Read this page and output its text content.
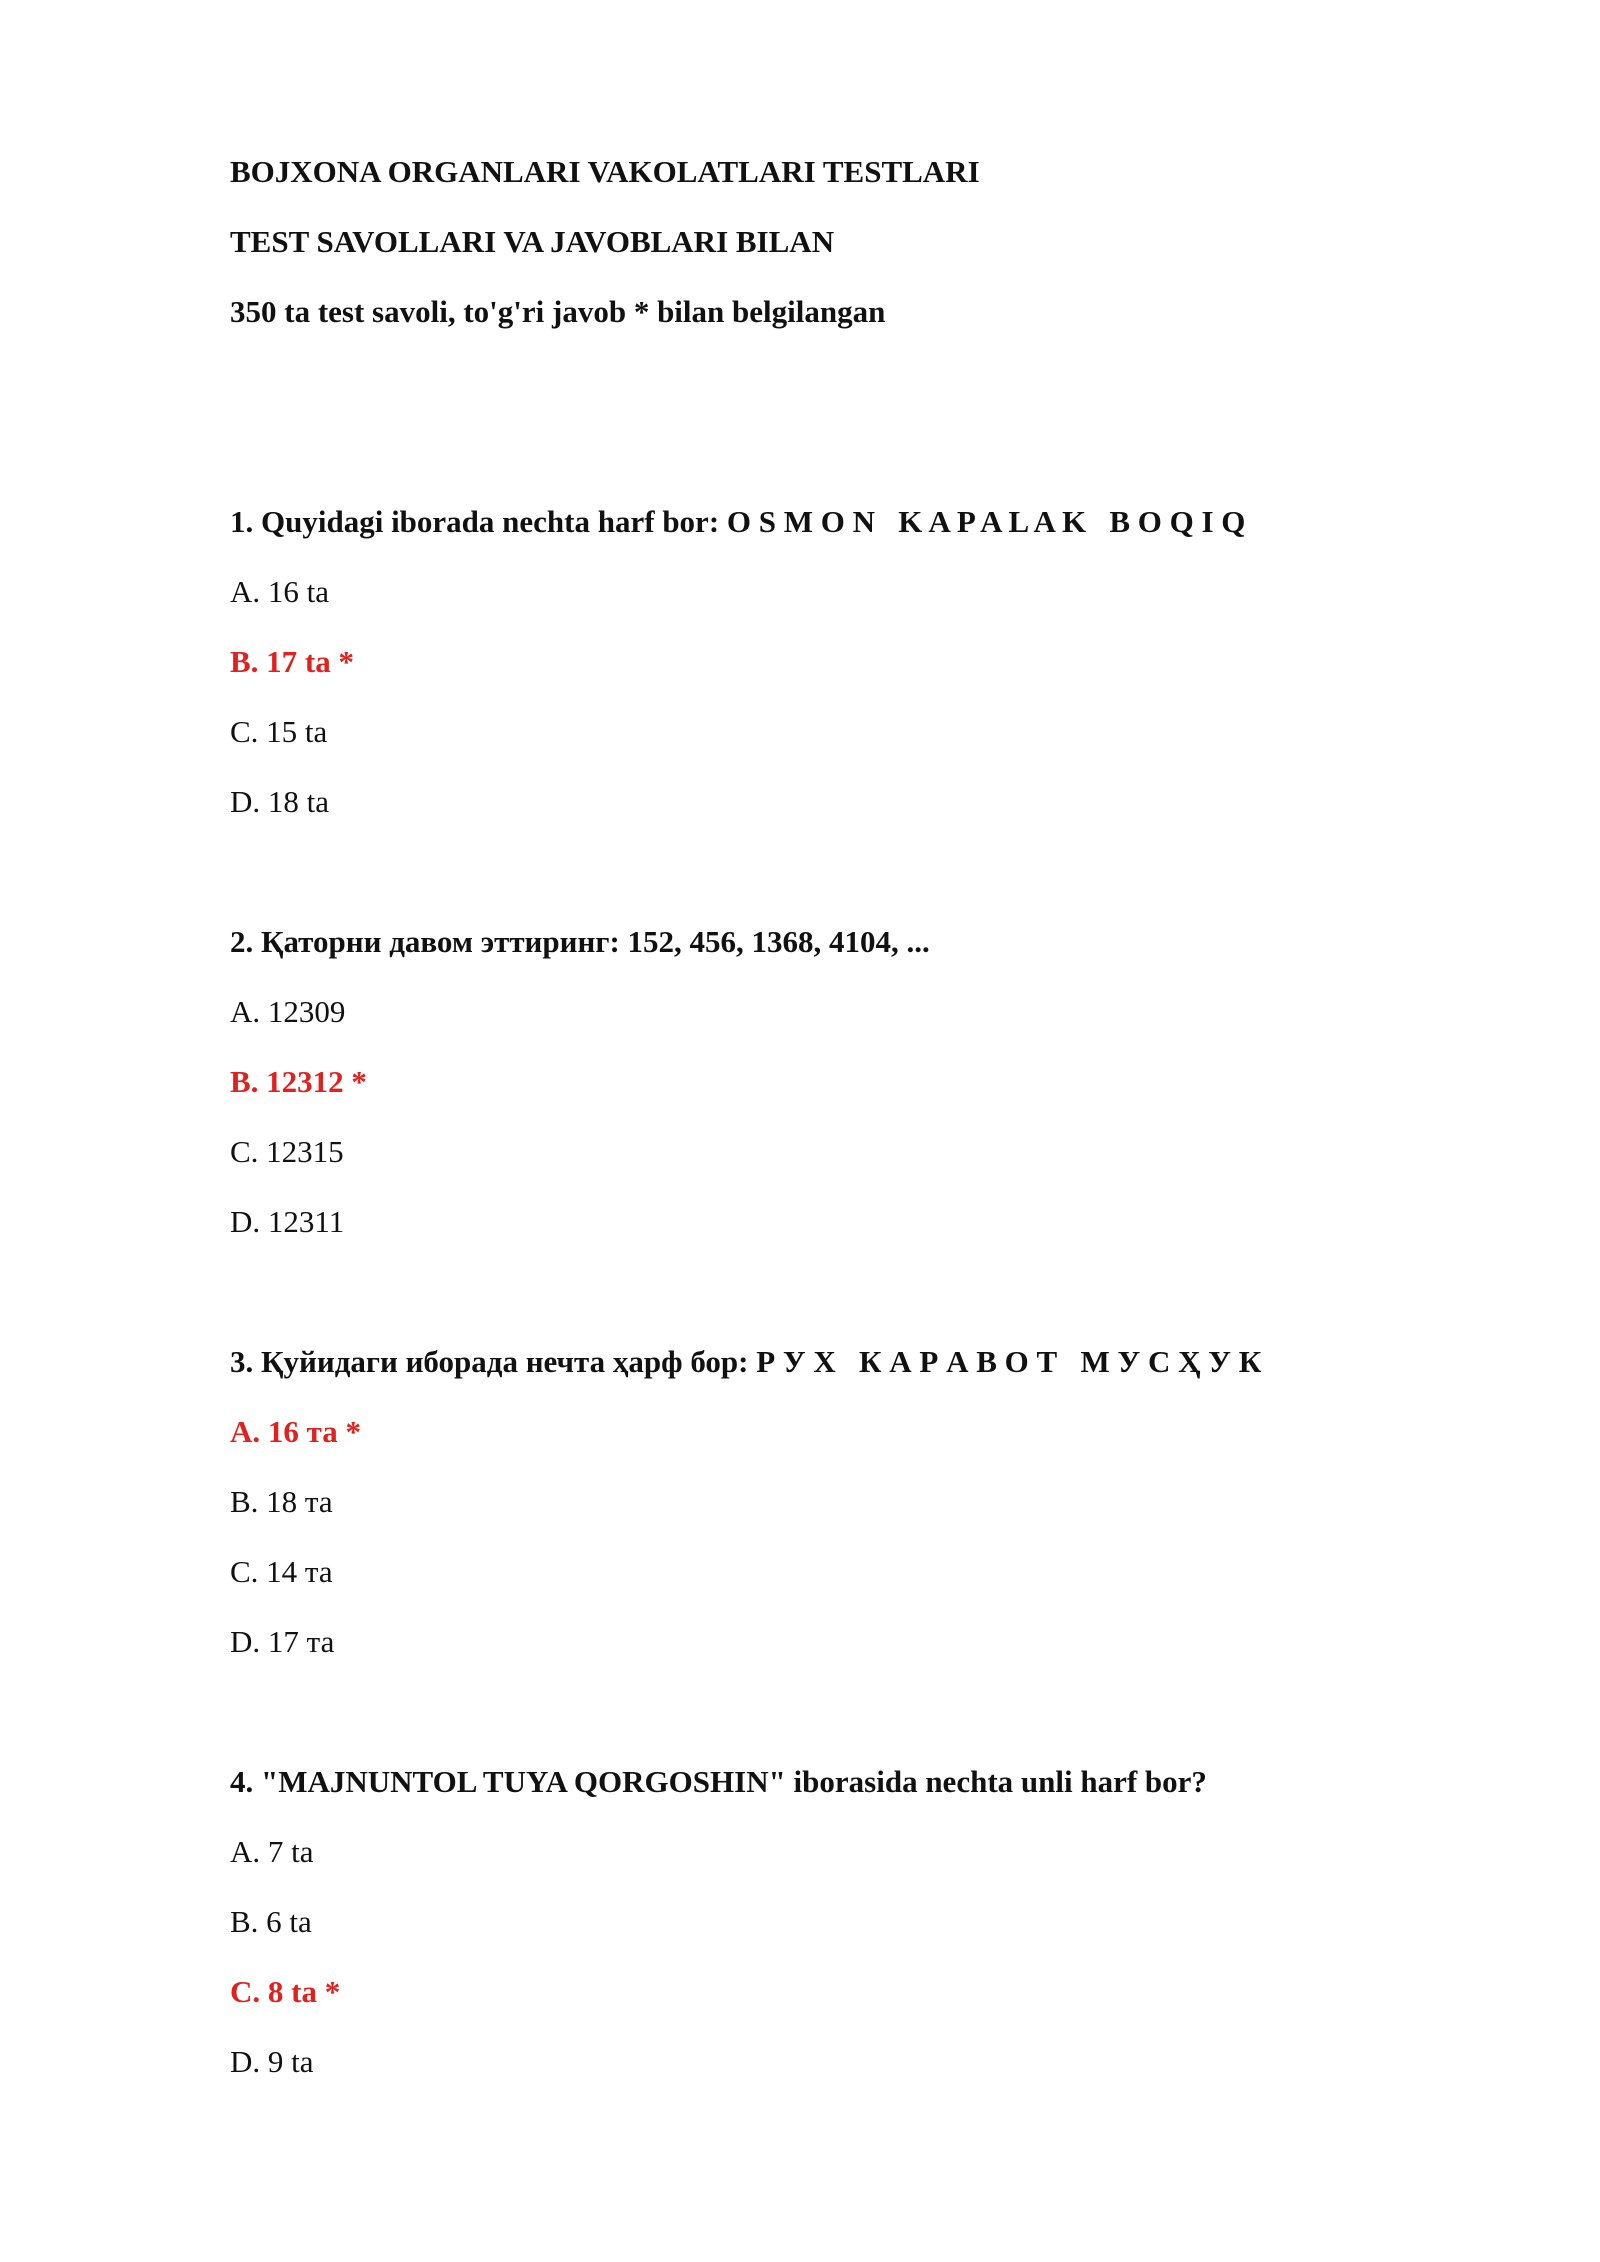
BOJXONA ORGANLARI VAKOLATLARI TESTLARI
TEST SAVOLLARI VA JAVOBLARI BILAN
350 ta test savoli, to'g'ri javob * bilan belgilangan
1. Quyidagi iborada nechta harf bor: O S M O N   K A P A L A K   B O Q I Q
A. 16 ta
B. 17 ta *
C. 15 ta
D. 18 ta
2. Қаторни давом эттиринг: 152, 456, 1368, 4104, ...
A. 12309
B. 12312 *
C. 12315
D. 12311
3. Қуйидаги иборада нечта ҳарф бор: Р У Х   К А Р А В О Т   М У С Ҳ У К
A. 16 та *
B. 18 та
C. 14 та
D. 17 та
4. "MAJNUNTOL TUYA QORGOSHIN" iborasida nechta unli harf bor?
A. 7 ta
B. 6 ta
C. 8 ta *
D. 9 ta
